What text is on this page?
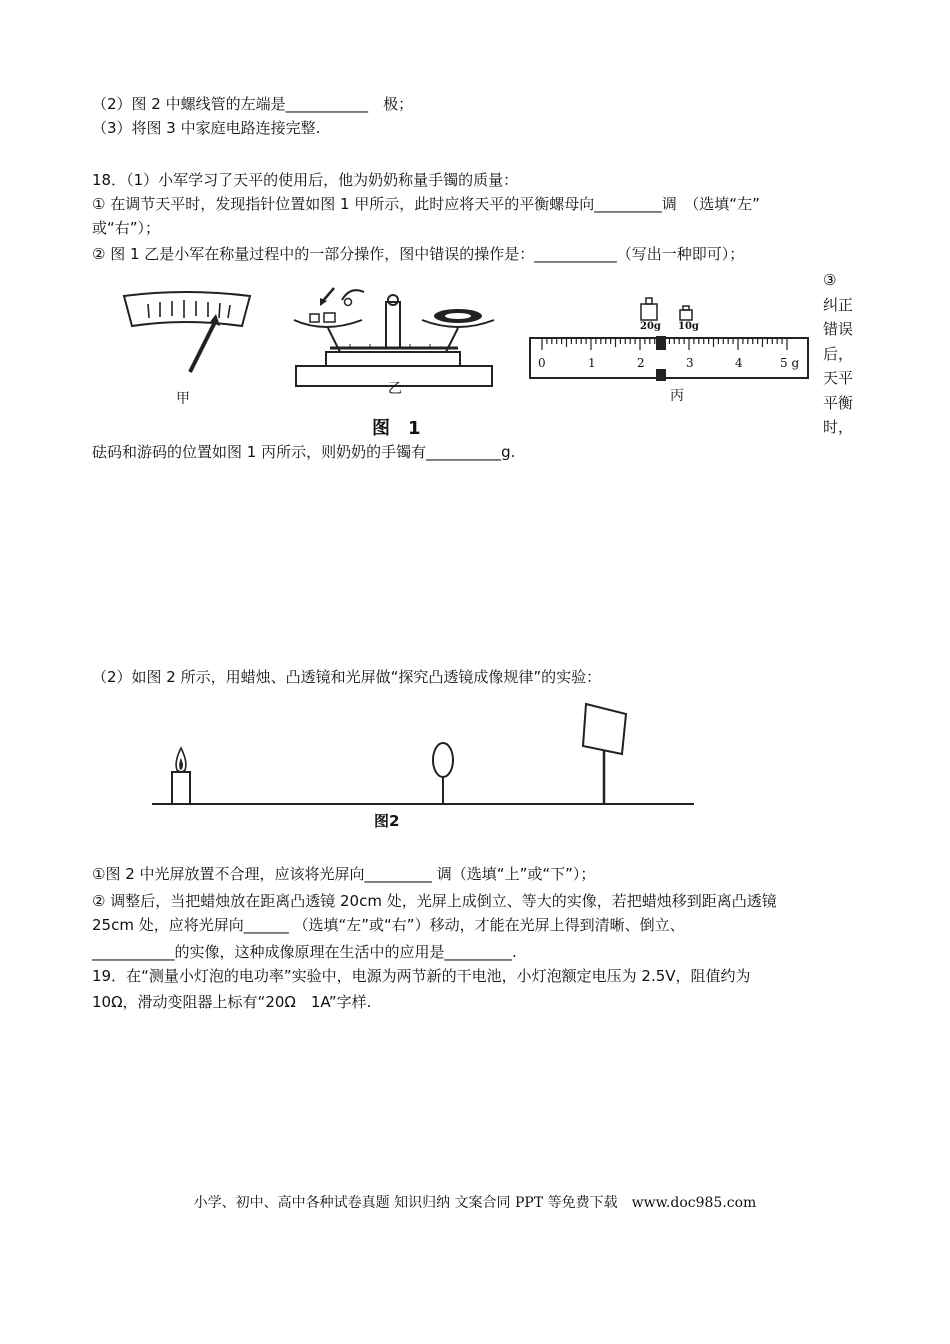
（2）图 2 中螺线管的左端是___________　极；
（3）将图 3 中家庭电路连接完整.
18．（1）小军学习了天平的使用后，他为奶奶称量手镯的质量：
① 在调节天平时，发现指针位置如图 1 甲所示，此时应将天平的平衡螺母向_________调　（选填“左”
或“右”）；
② 图 1 乙是小军在称量过程中的一部分操作，图中错误的操作是：___________（写出一种即可）；
③
纠正
错误
后，
天平
平衡
时，
甲
乙
20g 10g
0	1	2	3	4	5 g
丙
图　1
砝码和游码的位置如图 1 丙所示，则奶奶的手镯有__________g.
（2）如图 2 所示，用蜡烛、凸透镜和光屏做“探究凸透镜成像规律”的实验：
图2
①图 2 中光屏放置不合理，应该将光屏向_________ 调（选填“上”或“下”）；
② 调整后，当把蜡烛放在距离凸透镜 20cm 处，光屏上成倒立、等大的实像，若把蜡烛移到距离凸透镜
25cm 处，应将光屏向______ （选填“左”或“右”）移动，才能在光屏上得到清晰、倒立、
___________的实像，这种成像原理在生活中的应用是_________.
19．在“测量小灯泡的电功率”实验中，电源为两节新的干电池，小灯泡额定电压为 2.5V，阻值约为
10Ω，滑动变阻器上标有“20Ω　1A”字样.
小学、初中、高中各种试卷真题 知识归纳 文案合同 PPT 等免费下载　www.doc985.com
